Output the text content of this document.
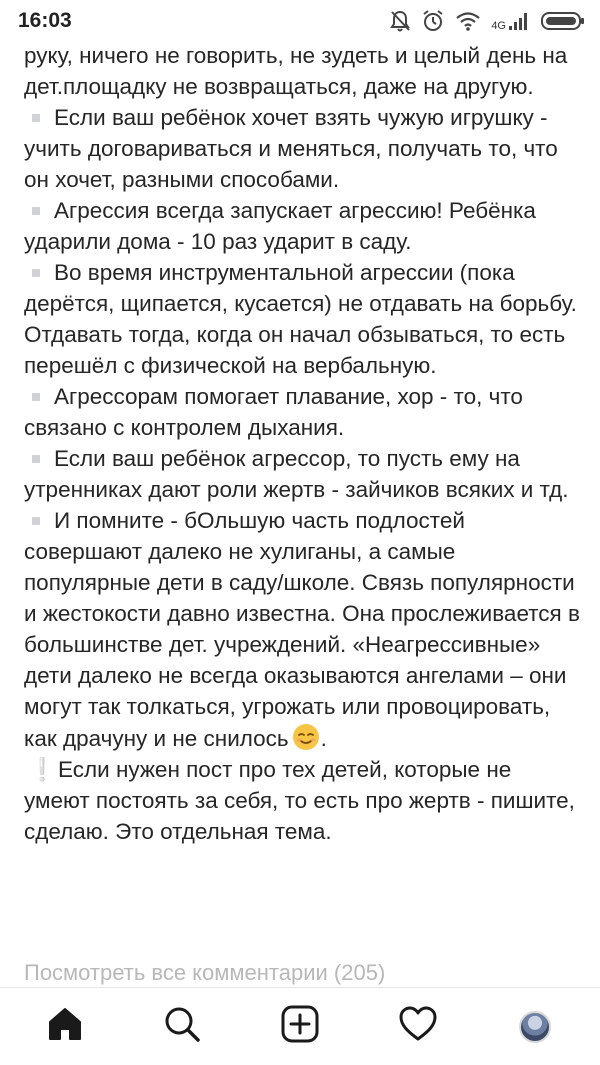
16:03	4G

руку, ничего не говорить, не зудеть и целый день на дет.площадку не возвращаться, даже на другую.

Если ваш ребёнок хочет взять чужую игрушку - учить договариваться и меняться, получать то, что он хочет, разными способами.

Агрессия всегда запускает агрессию! Ребёнка ударили дома - 10 раз ударит в саду.

Во время инструментальной агрессии (пока дерётся, щипается, кусается) не отдавать на борьбу. Отдавать тогда, когда он начал обзываться, то есть перешёл с физической на вербальную.

Агрессорам помогает плавание, хор - то, что связано с контролем дыхания.

Если ваш ребёнок агрессор, то пусть ему на утренниках дают роли жертв - зайчиков всяких и тд.

И помните - бОльшую часть подлостей совершают далеко не хулиганы, а самые популярные дети в саду/школе. Связь популярности и жестокости давно известна. Она прослеживается в большинстве дет. учреждений. «Неагрессивные» дети далеко не всегда оказываются ангелами – они могут так толкаться, угрожать или провоцировать, как драчуну и не снилось .

❕Если нужен пост про тех детей, которые не умеют постоять за себя, то есть про жертв - пишите, сделаю. Это отдельная тема.

Посмотреть все комментарии (205)
